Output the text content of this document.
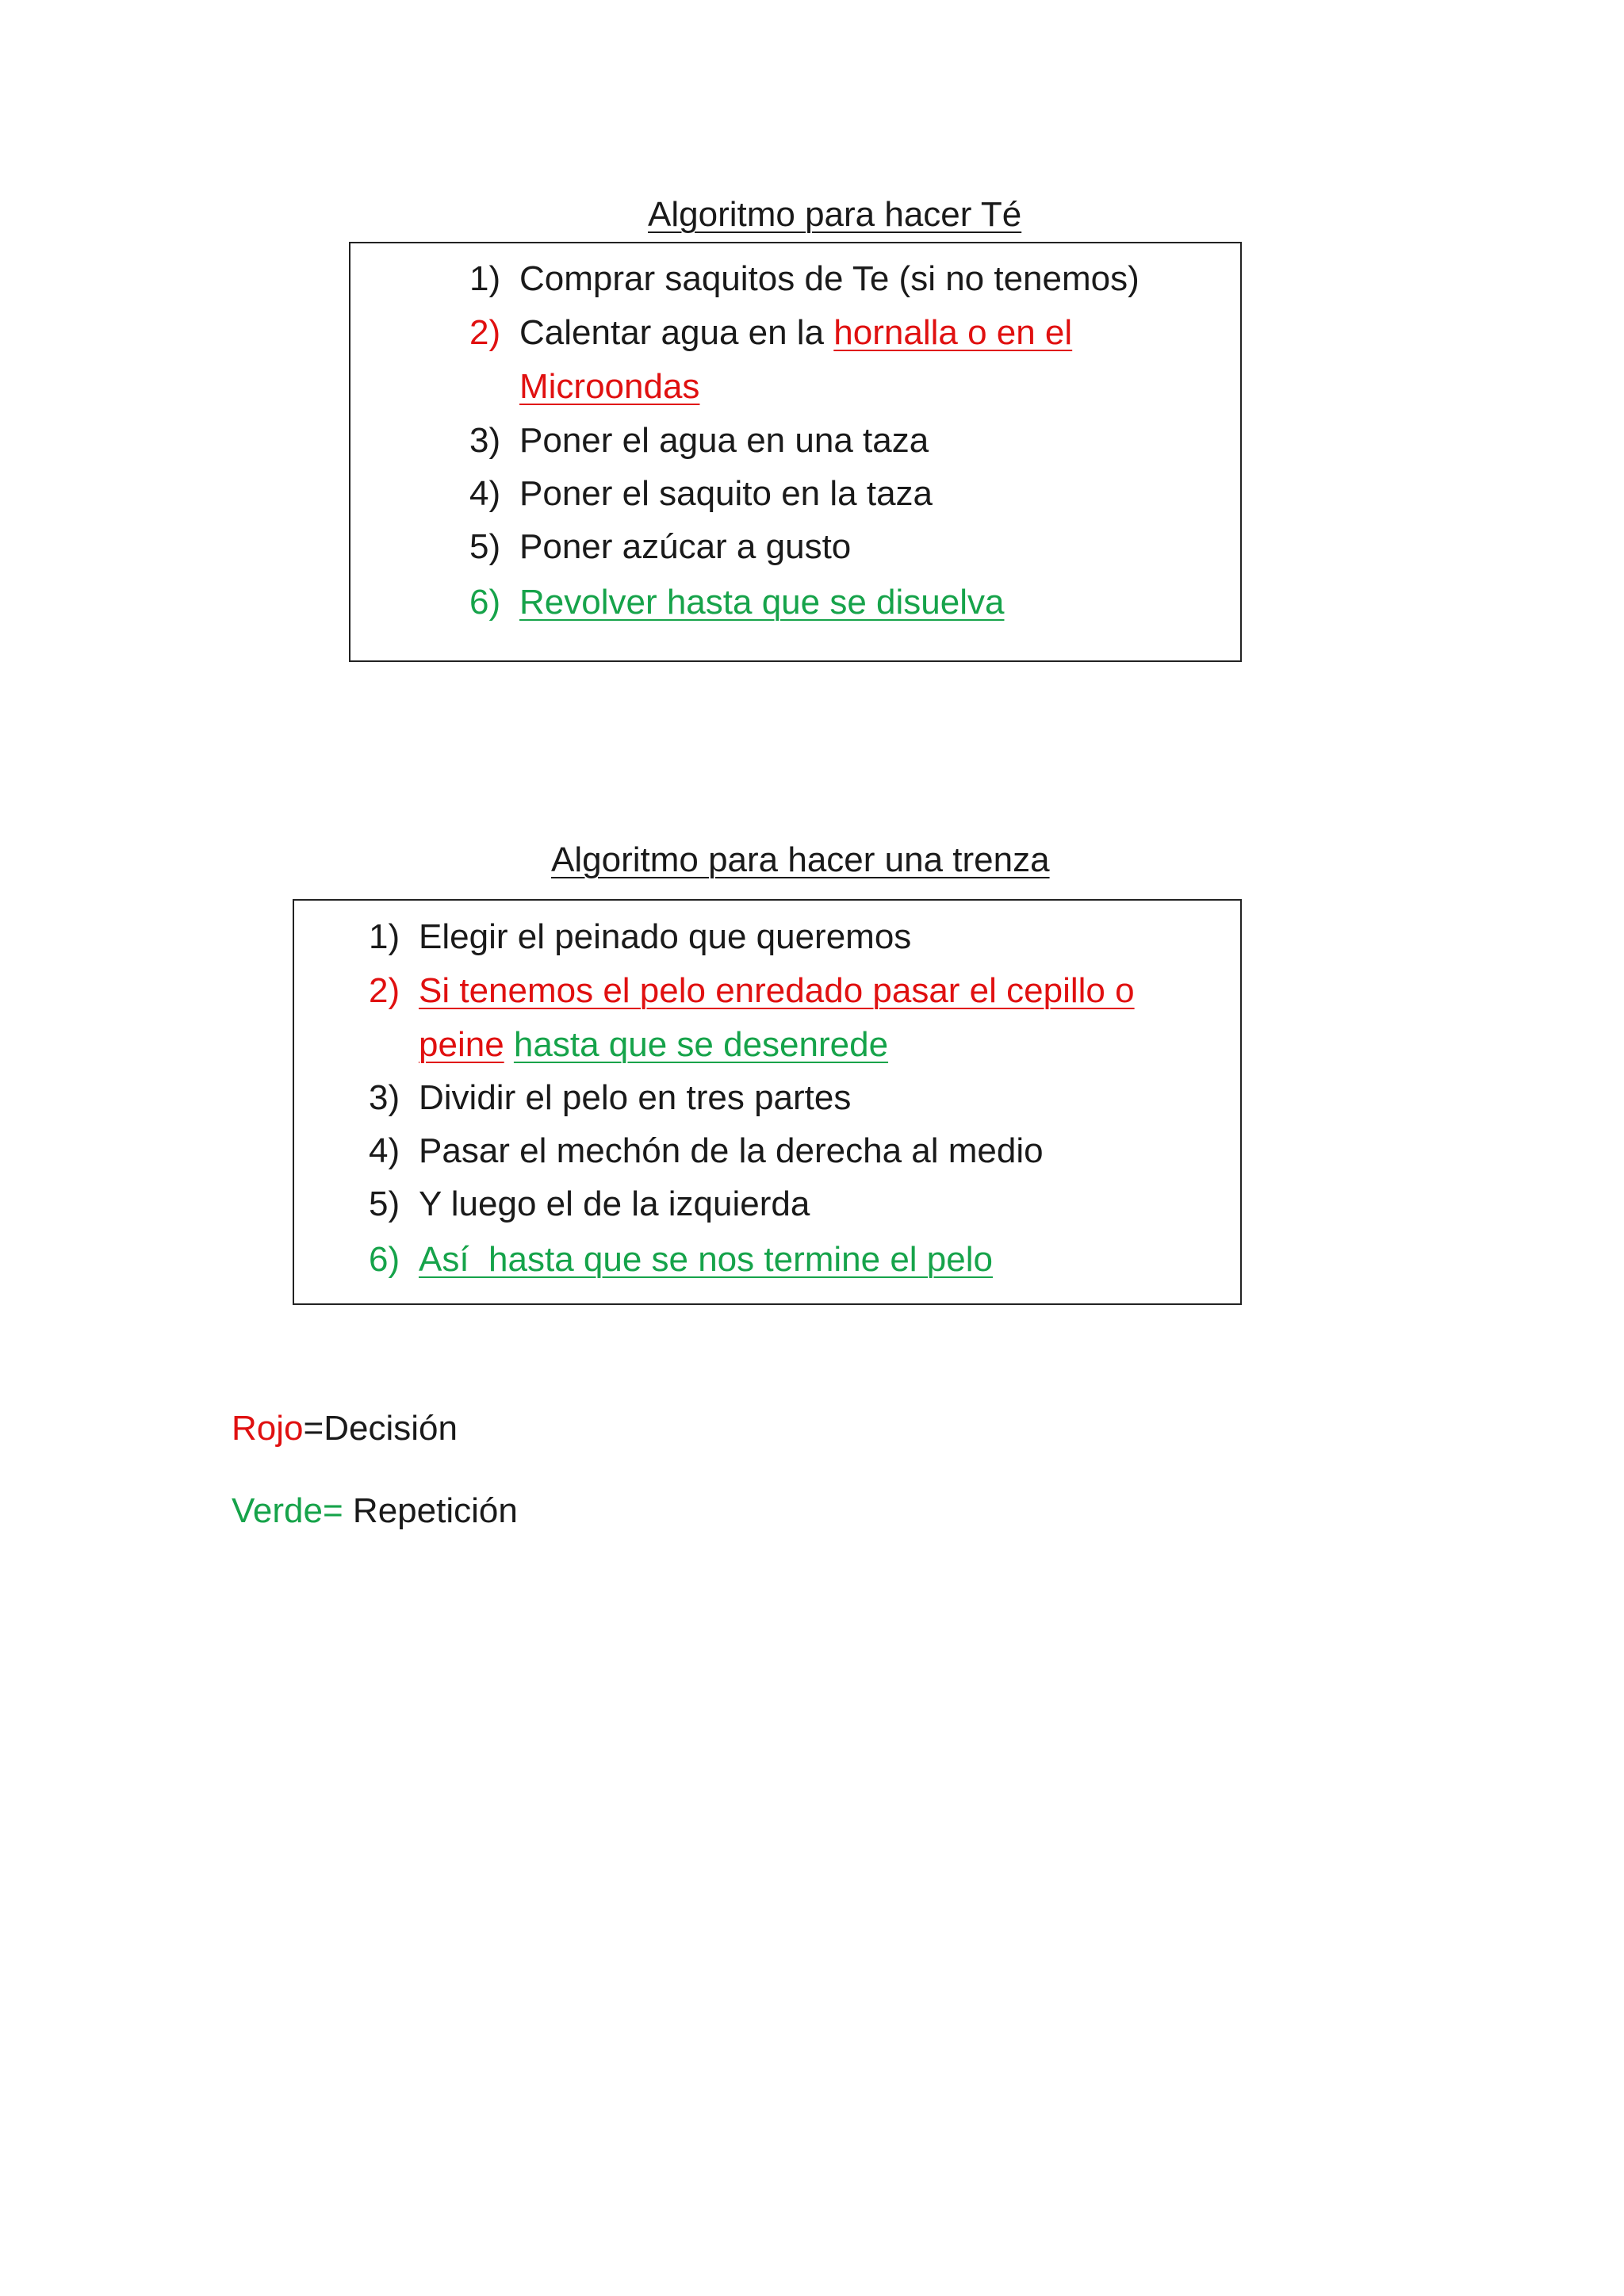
Algoritmo para hacer Té
1) Comprar saquitos de Te (si no tenemos)
2) Calentar agua en la hornalla o en el
Microondas
3) Poner el agua en una taza
4) Poner el saquito en la taza
5) Poner azúcar a gusto
6) Revolver hasta que se disuelva
Algoritmo para hacer una trenza
1) Elegir el peinado que queremos
2) Si tenemos el pelo enredado pasar el cepillo o
peine hasta que se desenrede
3) Dividir el pelo en tres partes
4) Pasar el mechón de la derecha al medio
5) Y luego el de la izquierda
6) Así  hasta que se nos termine el pelo
Rojo=Decisión
Verde= Repetición
